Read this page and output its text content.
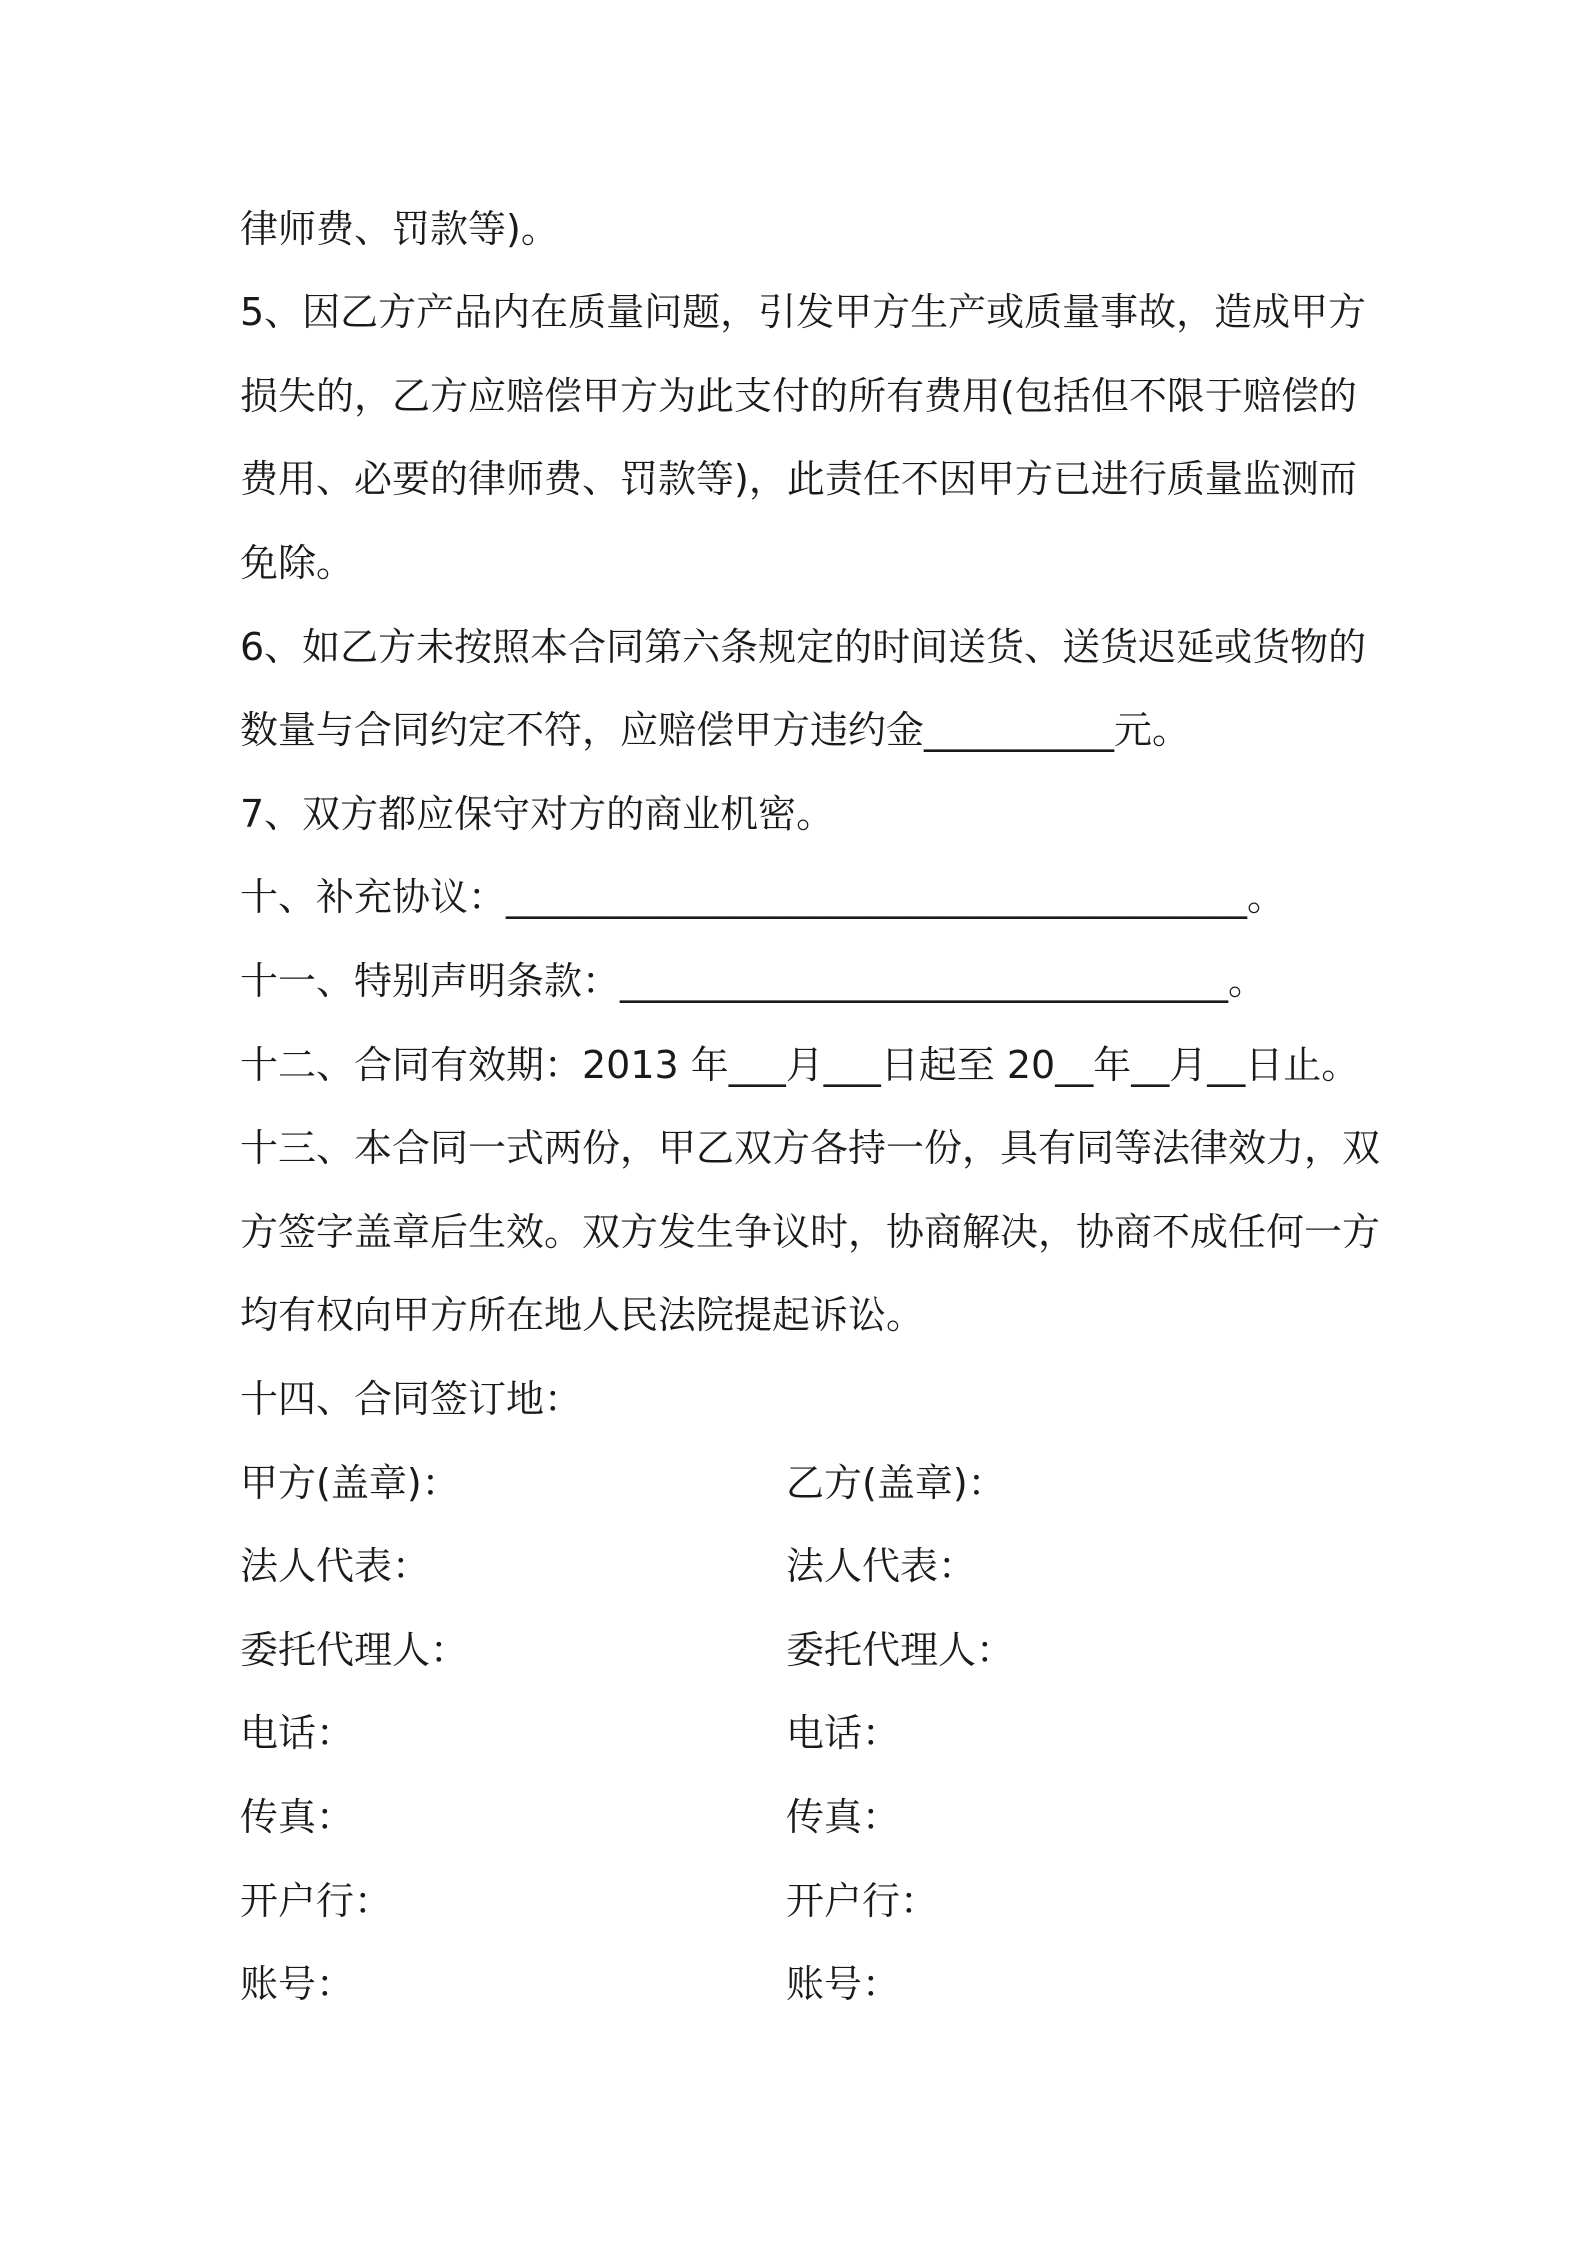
律师费、罚款等)。
5、因乙方产品内在质量问题，引发甲方生产或质量事故，造成甲方
损失的，乙方应赔偿甲方为此支付的所有费用(包括但不限于赔偿的
费用、必要的律师费、罚款等)，此责任不因甲方已进行质量监测而
免除。
6、如乙方未按照本合同第六条规定的时间送货、送货迟延或货物的
数量与合同约定不符，应赔偿甲方违约金__________元。
7、双方都应保守对方的商业机密。
十、补充协议：_______________________________________。
十一、特别声明条款：________________________________。
十二、合同有效期：2013 年___月___日起至 20__年__月__日止。
十三、本合同一式两份，甲乙双方各持一份，具有同等法律效力，双
方签字盖章后生效。双方发生争议时，协商解决，协商不成任何一方
均有权向甲方所在地人民法院提起诉讼。
十四、合同签订地：
甲方(盖章)：
法人代表：
委托代理人：
电话：
传真：
开户行：
账号：
乙方(盖章)：
法人代表：
委托代理人：
电话：
传真：
开户行：
账号：
